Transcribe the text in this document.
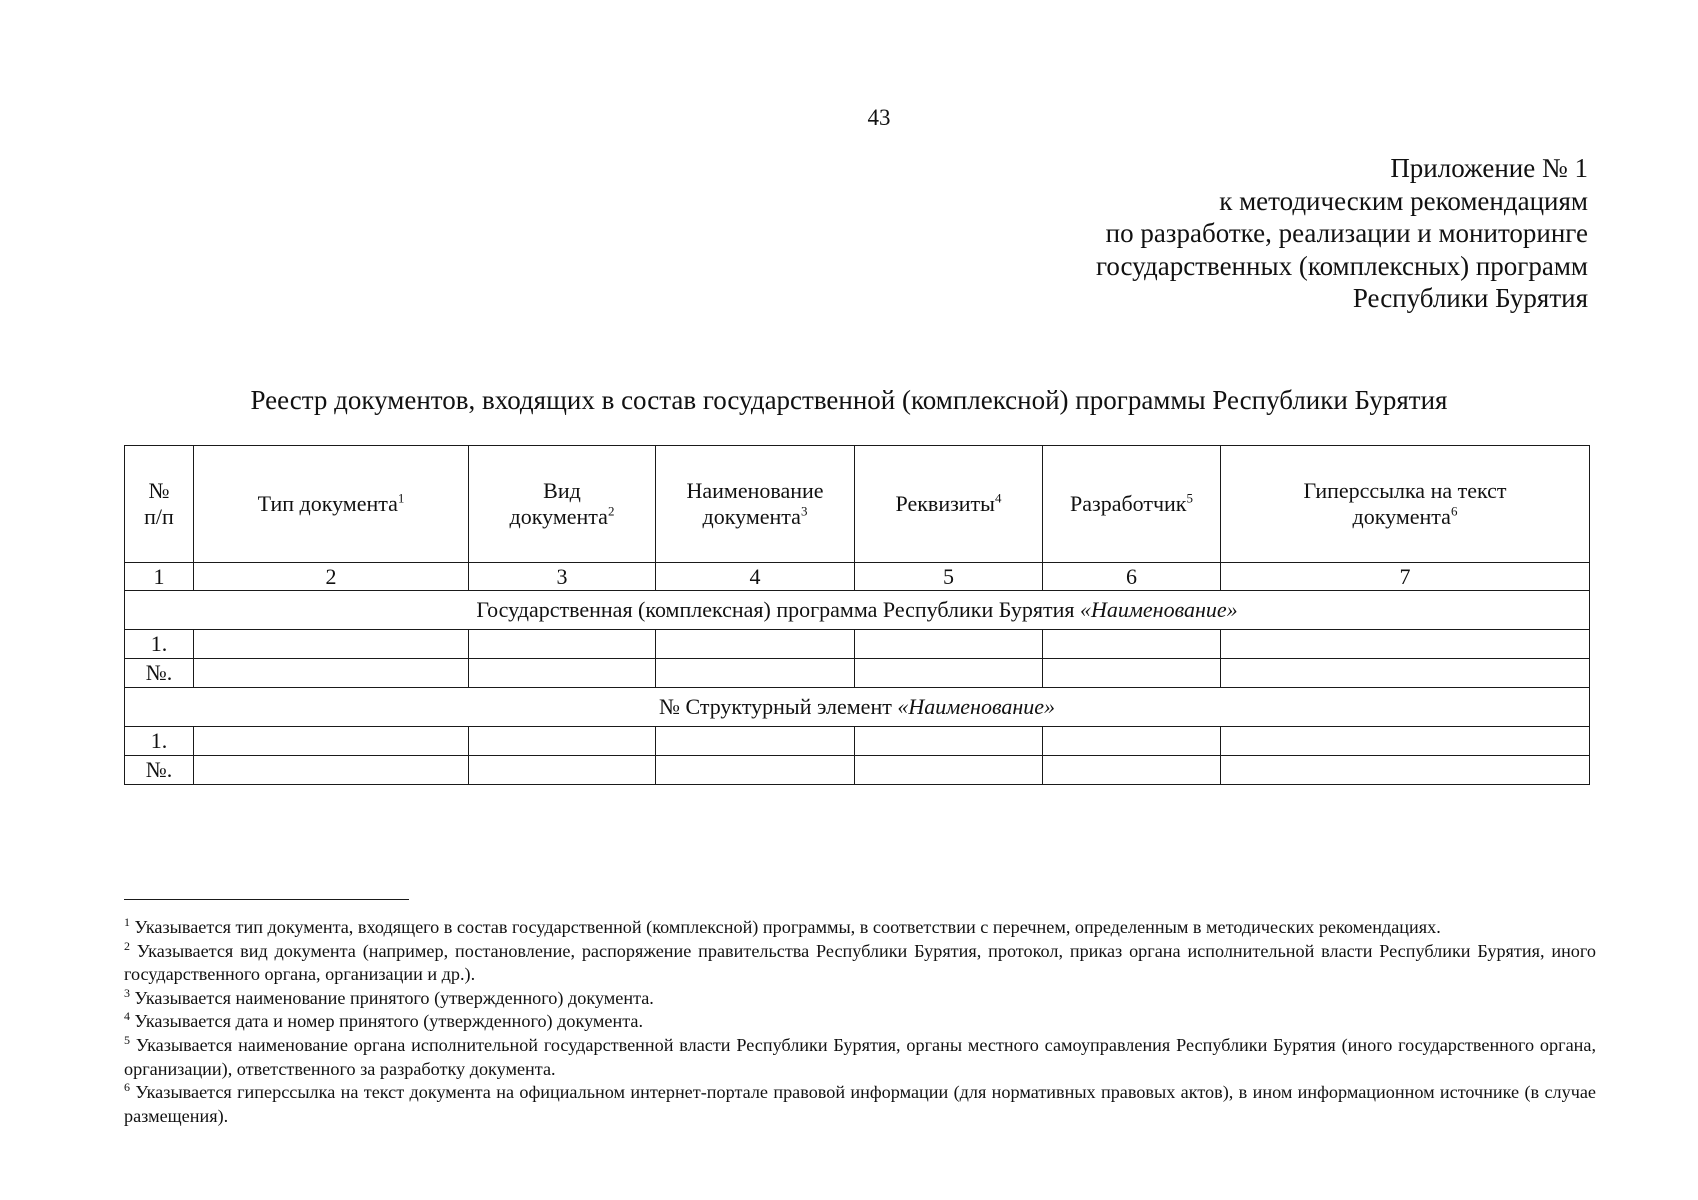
43
Приложение № 1
к методическим рекомендациям
по разработке, реализации и мониторинге
государственных (комплексных) программ
Республики Бурятия
Реестр документов, входящих в состав государственной (комплексной) программы Республики Бурятия
№ п/п	Тип документа$^1$	Вид документа$^2$	Наименование документа$^3$	Реквизиты$^4$	Разработчик$^5$	Гиперссылка на текст документа$^6$
1	2	3	4	5	6	7
Государственная (комплексная) программа Республики Бурятия «Наименование»						
1.						
№.						
№ Структурный элемент «Наименование»						
1.						
№.						

$^1$ Указывается тип документа, входящего в состав государственной (комплексной) программы, в соответствии с перечнем, определенным в методических рекомендациях.

$^2$ Указывается вид документа (например, постановление, распоряжение правительства Республики Бурятия, протокол, приказ органа исполнительной власти Республики Бурятия, иного государственного органа, организации и др.).

$^3$ Указывается наименование принятого (утвержденного) документа.

$^4$ Указывается дата и номер принятого (утвержденного) документа.

$^5$ Указывается наименование органа исполнительной государственной власти Республики Бурятия, органы местного самоуправления Республики Бурятия (иного государственного органа, организации), ответственного за разработку документа.

$^6$ Указывается гиперссылка на текст документа на официальном интернет-портале правовой информации (для нормативных правовых актов), в ином информационном источнике (в случае размещения).
